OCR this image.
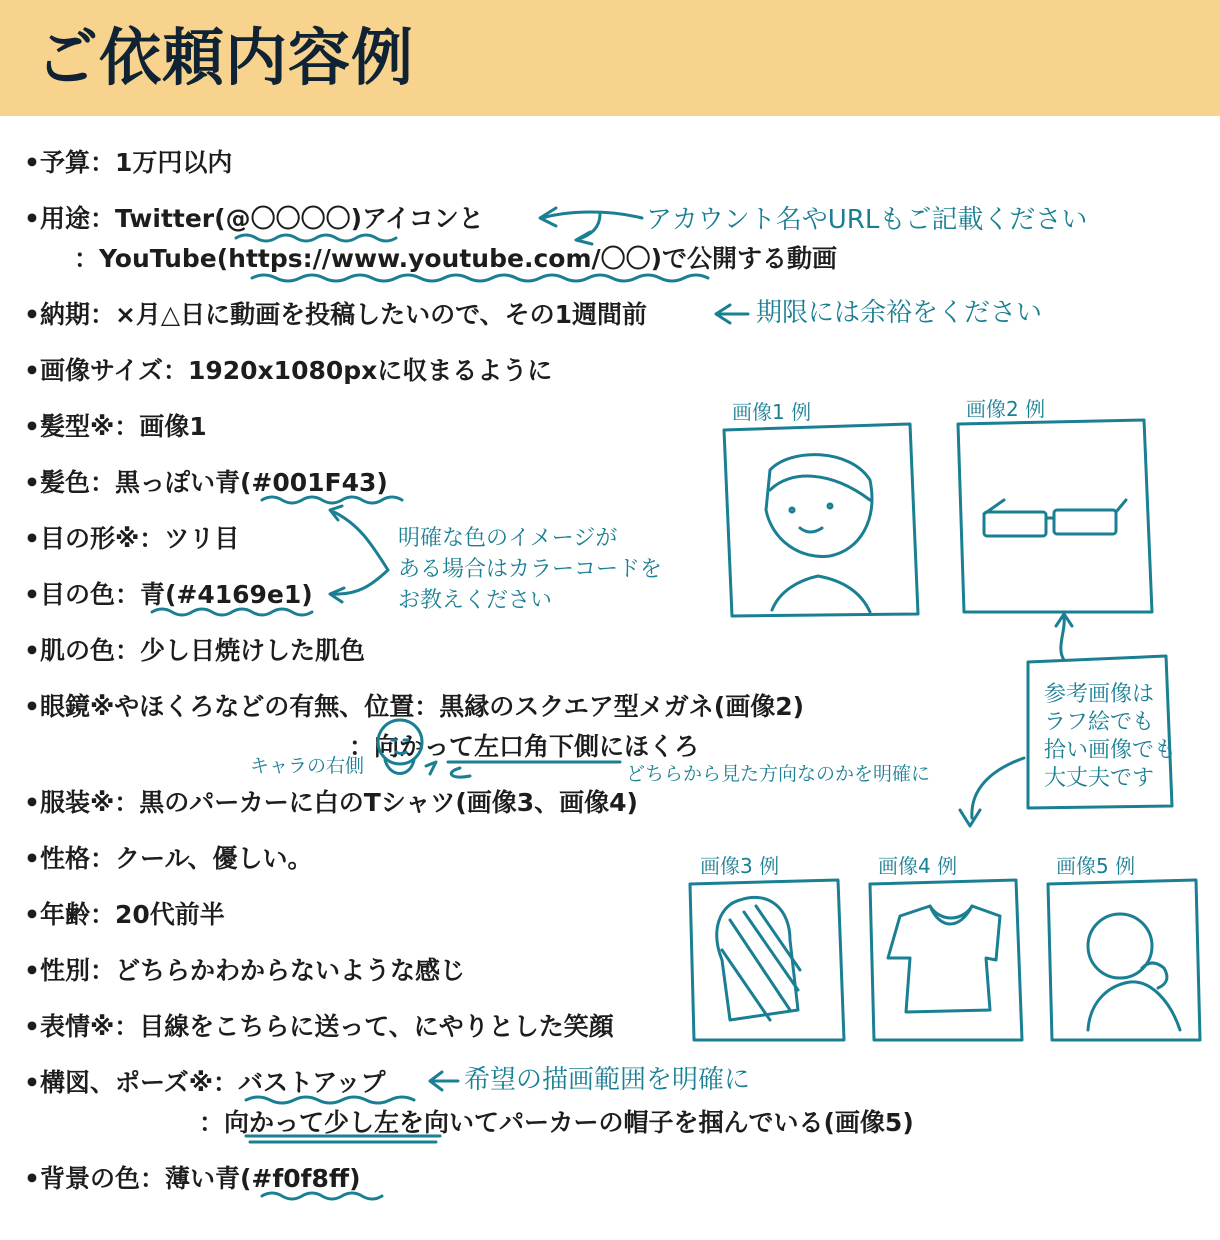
ご依頼内容例
•予算：1万円以内
•用途：Twitter(@〇〇〇〇)アイコンと
　　：YouTube(https://www.youtube.com/〇〇)で公開する動画
•納期：×月△日に動画を投稿したいので、その1週間前
•画像サイズ：1920x1080pxに収まるように
•髪型※：画像1
•髪色：黒っぽい青(#001F43)
•目の形※：ツリ目
•目の色：青(#4169e1)
•肌の色：少し日焼けした肌色
•眼鏡※やほくろなどの有無、位置：黒縁のスクエア型メガネ(画像2)
　　　　　　　　　　　　　：向かって左口角下側にほくろ
•服装※：黒のパーカーに白のTシャツ(画像3、画像4)
•性格：クール、優しい。
•年齢：20代前半
•性別：どちらかわからないような感じ
•表情※：目線をこちらに送って、にやりとした笑顔
•構図、ポーズ※：バストアップ
　　　　　　　：向かって少し左を向いてパーカーの帽子を掴んでいる(画像5)
•背景の色：薄い青(#f0f8ff)
アカウント名やURLもご記載ください
期限には余裕をください
明確な色のイメージが
ある場合はカラーコードを
お教えください
キャラの右側	どちらから見た方向なのかを明確に
参考画像は
ラフ絵でも
拾い画像でも
大丈夫です
希望の描画範囲を明確に
画像1 例	画像2 例
画像3 例	画像4 例	画像5 例
